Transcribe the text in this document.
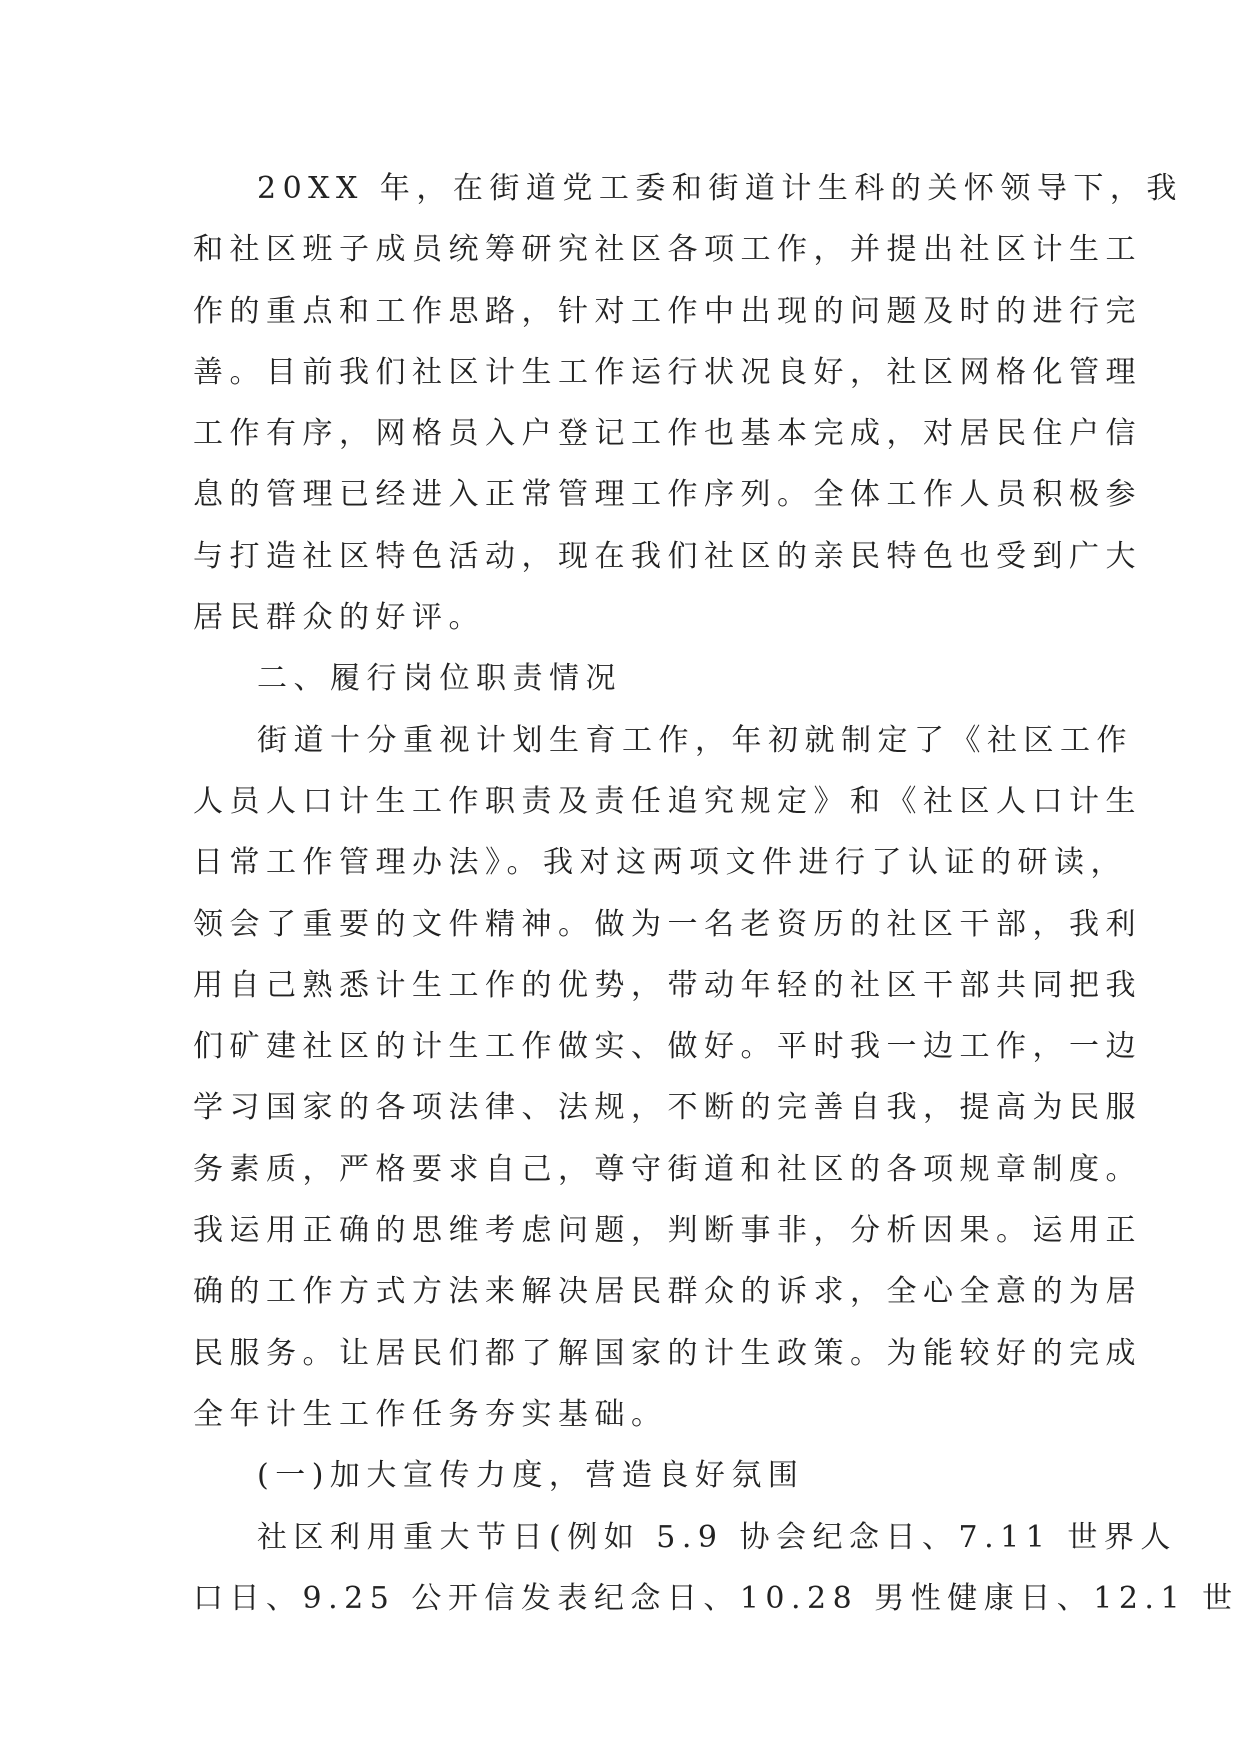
20XX 年，在街道党工委和街道计生科的关怀领导下，我
和社区班子成员统筹研究社区各项工作，并提出社区计生工
作的重点和工作思路，针对工作中出现的问题及时的进行完
善。目前我们社区计生工作运行状况良好，社区网格化管理
工作有序，网格员入户登记工作也基本完成，对居民住户信
息的管理已经进入正常管理工作序列。全体工作人员积极参
与打造社区特色活动，现在我们社区的亲民特色也受到广大
居民群众的好评。
二、履行岗位职责情况
街道十分重视计划生育工作，年初就制定了《社区工作
人员人口计生工作职责及责任追究规定》和《社区人口计生
日常工作管理办法》。我对这两项文件进行了认证的研读，
领会了重要的文件精神。做为一名老资历的社区干部，我利
用自己熟悉计生工作的优势，带动年轻的社区干部共同把我
们矿建社区的计生工作做实、做好。平时我一边工作，一边
学习国家的各项法律、法规，不断的完善自我，提高为民服
务素质，严格要求自己，尊守街道和社区的各项规章制度。
我运用正确的思维考虑问题，判断事非，分析因果。运用正
确的工作方式方法来解决居民群众的诉求，全心全意的为居
民服务。让居民们都了解国家的计生政策。为能较好的完成
全年计生工作任务夯实基础。
(一)加大宣传力度，营造良好氛围
社区利用重大节日(例如 5.9 协会纪念日、7.11 世界人
口日、9.25 公开信发表纪念日、10.28 男性健康日、12.1 世
